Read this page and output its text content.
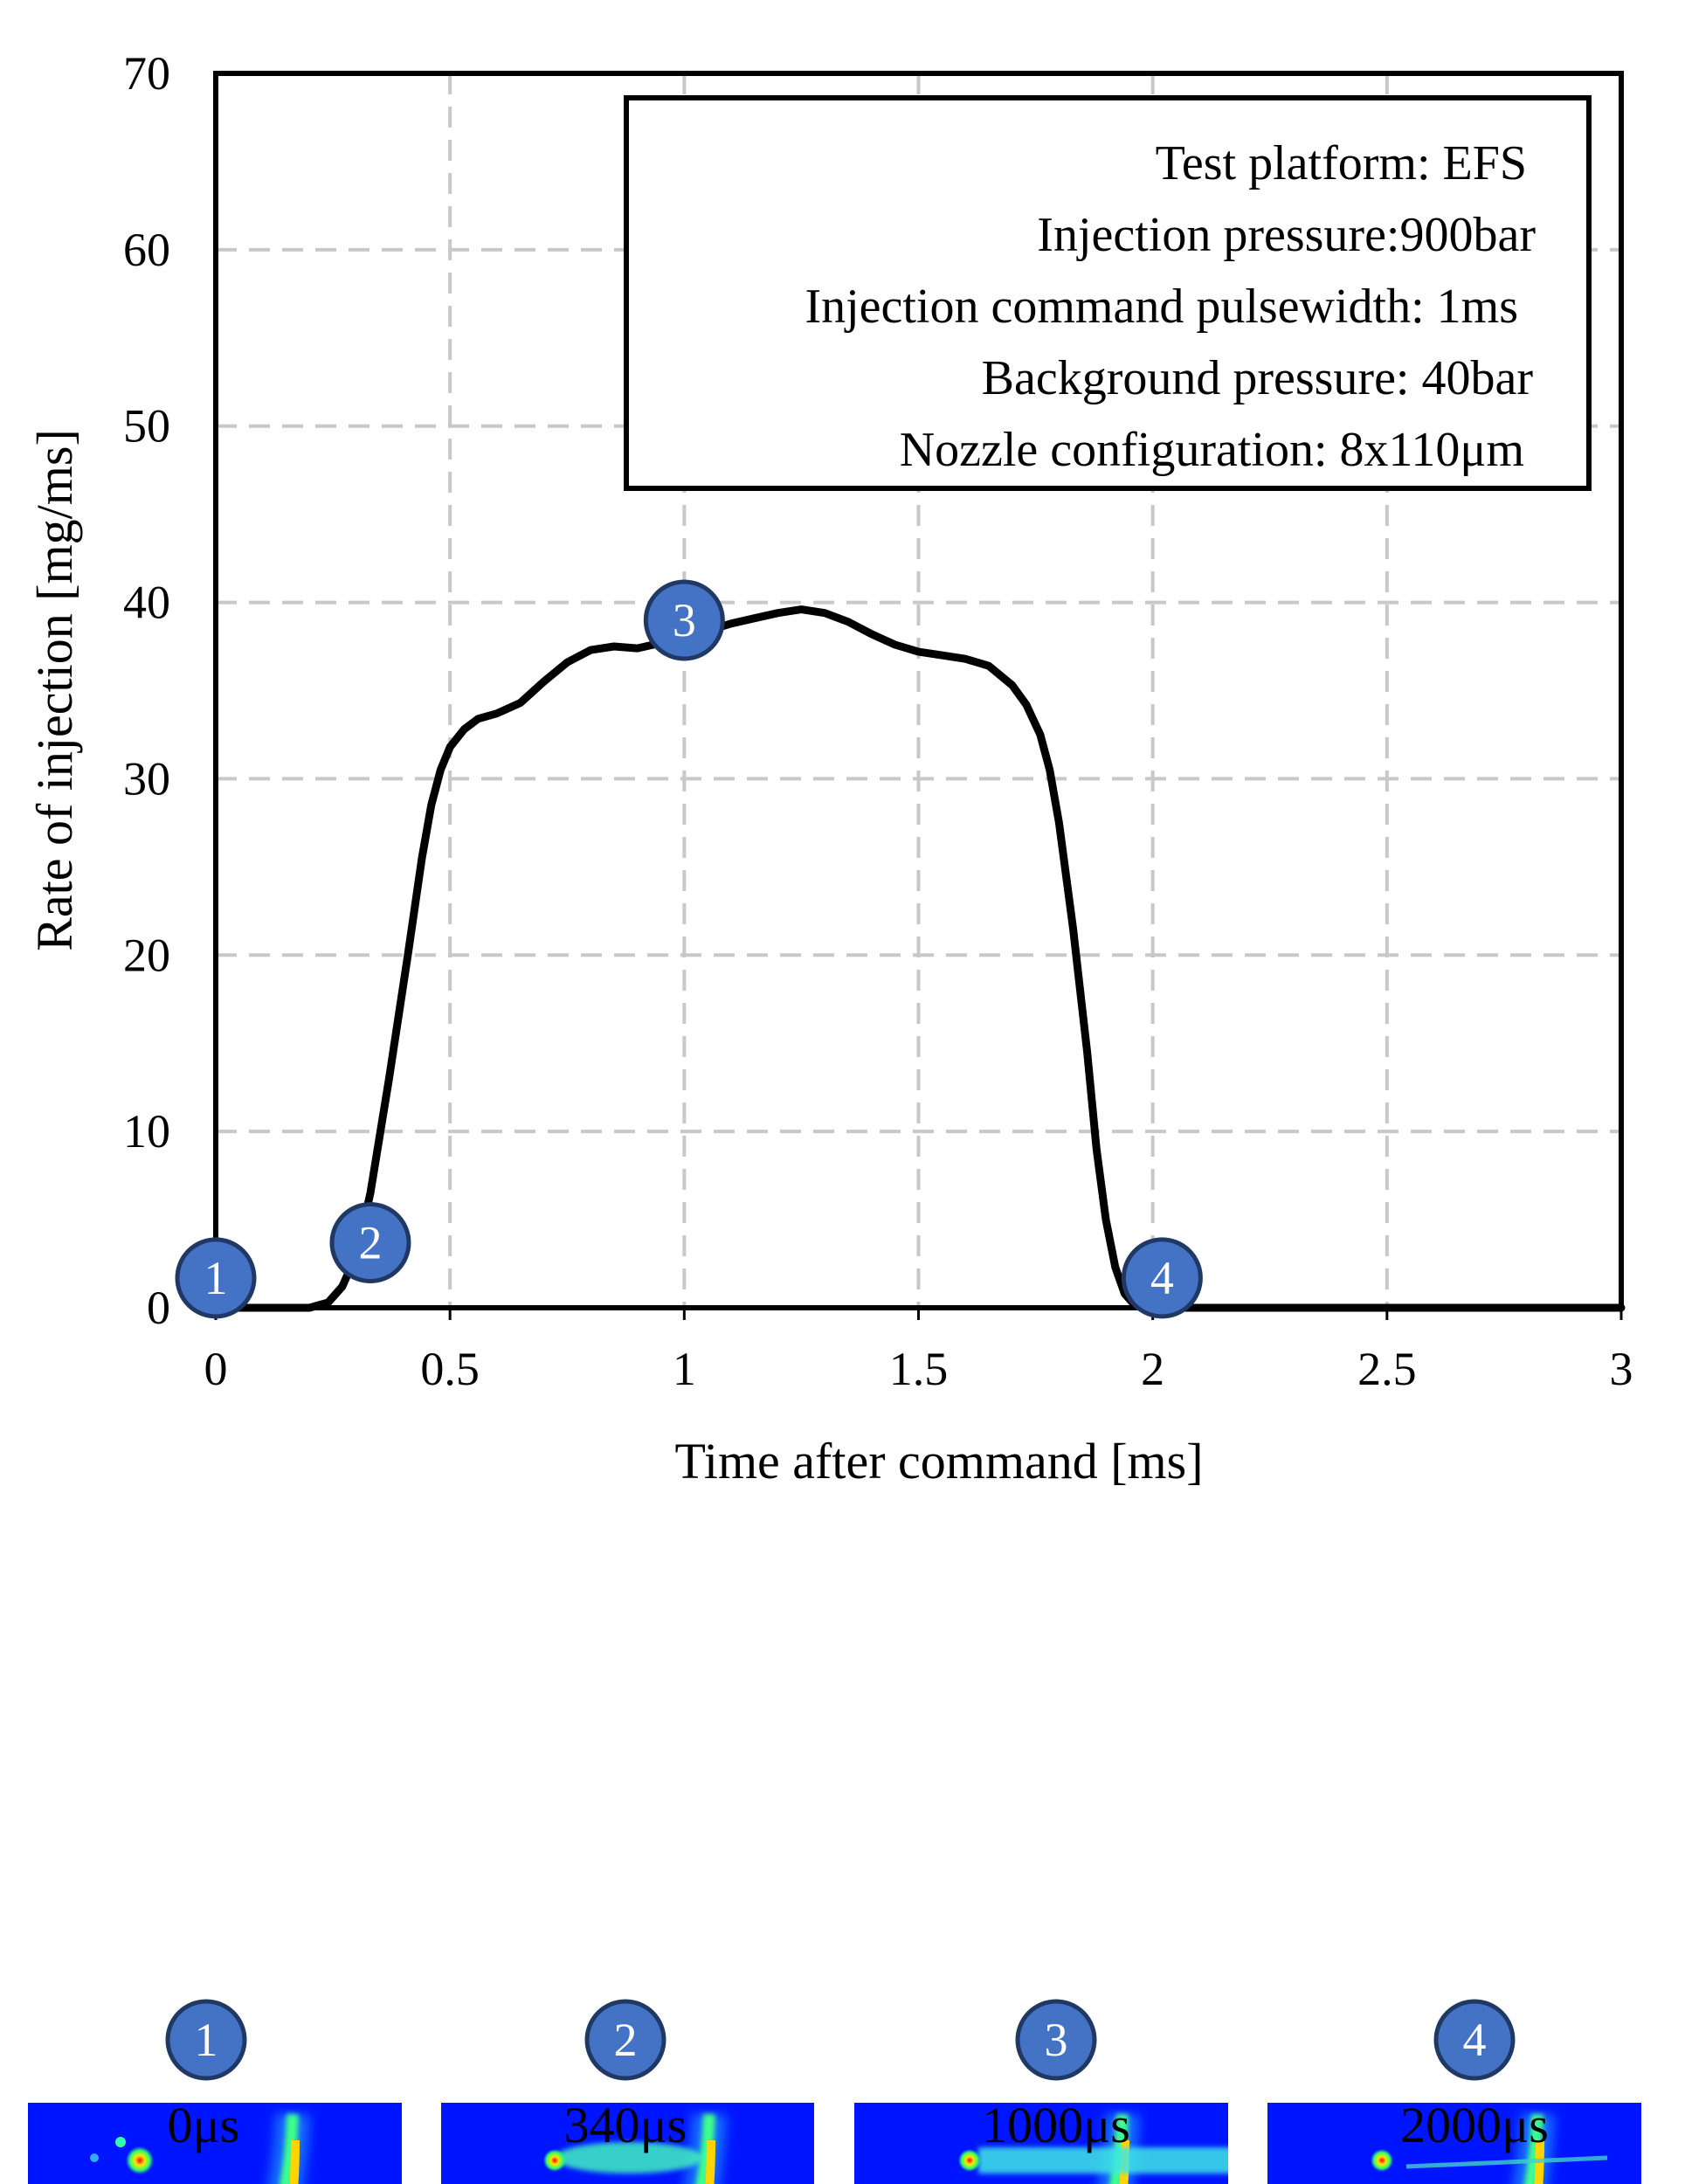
0	0.5	1	1.5	2	2.5	3
0
10
20
30
40
50
60
70
Time after command [ms]
Rate of injection [mg/ms]
Test platform: EFS
Injection pressure:900bar
Injection command pulsewidth: 1ms
Background pressure: 40bar
Nozzle configuration: 8x110μm
1
2
3
4
1	2	3	4
0μs	340μs	1000μs	2000μs
